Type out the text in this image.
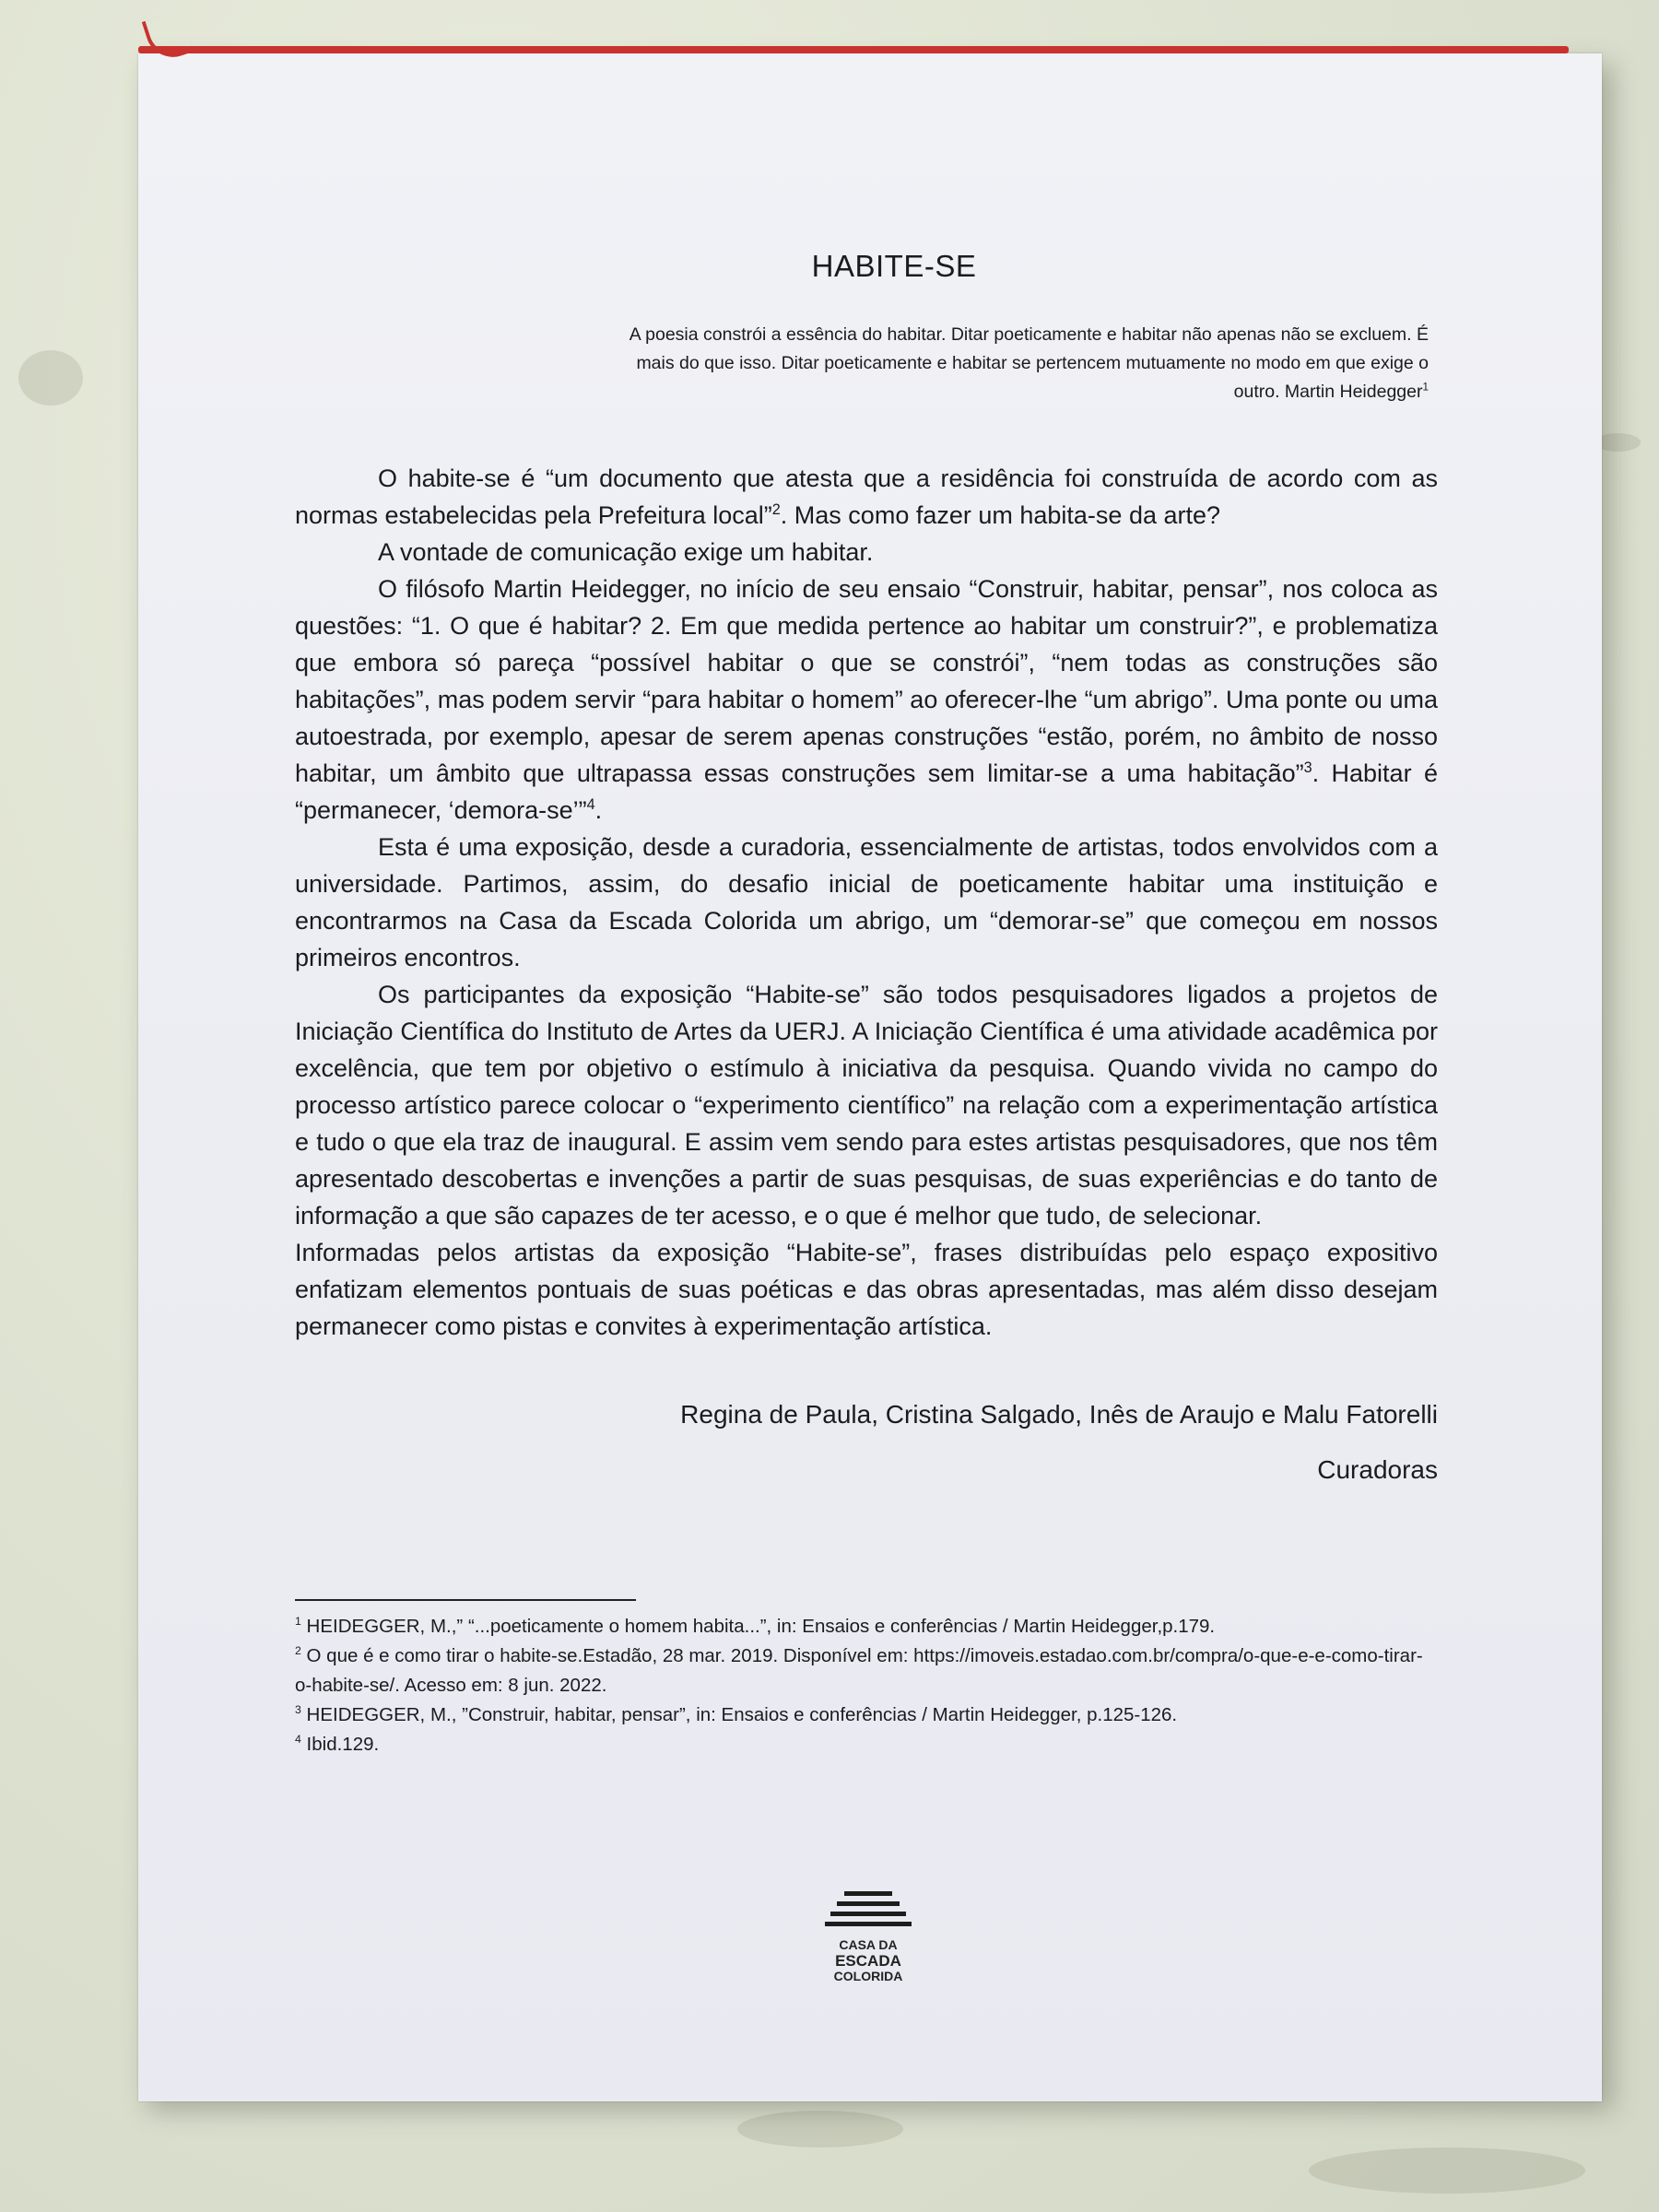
HABITE-SE
A poesia constrói a essência do habitar. Ditar poeticamente e habitar não apenas não se excluem. É mais do que isso. Ditar poeticamente e habitar se pertencem mutuamente no modo em que exige o outro. Martin Heidegger$^1$

O habite-se é “um documento que atesta que a residência foi construída de acordo com as normas estabelecidas pela Prefeitura local”$^2$. Mas como fazer um habita-se da arte?

A vontade de comunicação exige um habitar.

O filósofo Martin Heidegger, no início de seu ensaio “Construir, habitar, pensar”, nos coloca as questões: “1. O que é habitar? 2. Em que medida pertence ao habitar um construir?”, e problematiza que embora só pareça “possível habitar o que se constrói”, “nem todas as construções são habitações”, mas podem servir “para habitar o homem” ao oferecer-lhe “um abrigo”. Uma ponte ou uma autoestrada, por exemplo, apesar de serem apenas construções “estão, porém, no âmbito de nosso habitar, um âmbito que ultrapassa essas construções sem limitar-se a uma habitação”$^3$. Habitar é “permanecer, ‘demora-se’”$^4$.

Esta é uma exposição, desde a curadoria, essencialmente de artistas, todos envolvidos com a universidade. Partimos, assim, do desafio inicial de poeticamente habitar uma instituição e encontrarmos na Casa da Escada Colorida um abrigo, um “demorar-se” que começou em nossos primeiros encontros.

Os participantes da exposição “Habite-se” são todos pesquisadores ligados a projetos de Iniciação Científica do Instituto de Artes da UERJ. A Iniciação Científica é uma atividade acadêmica por excelência, que tem por objetivo o estímulo à iniciativa da pesquisa. Quando vivida no campo do processo artístico parece colocar o “experimento científico” na relação com a experimentação artística e tudo o que ela traz de inaugural. E assim vem sendo para estes artistas pesquisadores, que nos têm apresentado descobertas e invenções a partir de suas pesquisas, de suas experiências e do tanto de informação a que são capazes de ter acesso, e o que é melhor que tudo, de selecionar.

Informadas pelos artistas da exposição “Habite-se”, frases distribuídas pelo espaço expositivo enfatizam elementos pontuais de suas poéticas e das obras apresentadas, mas além disso desejam permanecer como pistas e convites à experimentação artística.

Regina de Paula, Cristina Salgado, Inês de Araujo e Malu Fatorelli
Curadoras

$^1$ HEIDEGGER, M.,” “...poeticamente o homem habita...”, in: Ensaios e conferências / Martin Heidegger,p.179.

$^2$ O que é e como tirar o habite-se.Estadão, 28 mar. 2019. Disponível em: https://imoveis.estadao.com.br/compra/o-que-e-e-como-tirar-o-habite-se/. Acesso em: 8 jun. 2022.

$^3$ HEIDEGGER, M., ”Construir, habitar, pensar”, in: Ensaios e conferências / Martin Heidegger, p.125-126.

$^4$ Ibid.129.

CASA DA
ESCADA
COLORIDA
